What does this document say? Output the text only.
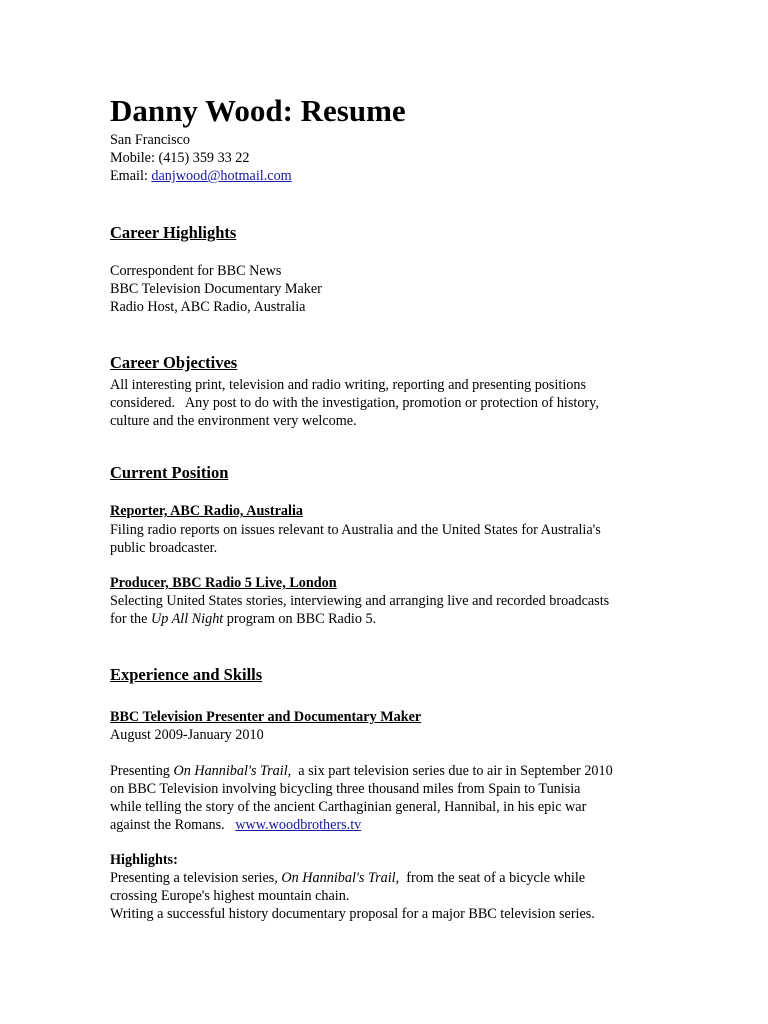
Danny Wood: Resume
San Francisco
Mobile: (415) 359 33 22
Email: danjwood@hotmail.com
Career Highlights
Correspondent for BBC News
BBC Television Documentary Maker
Radio Host, ABC Radio, Australia
Career Objectives
All interesting print, television and radio writing, reporting and presenting positions
considered.   Any post to do with the investigation, promotion or protection of history,
culture and the environment very welcome.
Current Position
Reporter, ABC Radio, Australia
Filing radio reports on issues relevant to Australia and the United States for Australia's
public broadcaster.
Producer, BBC Radio 5 Live, London
Selecting United States stories, interviewing and arranging live and recorded broadcasts
for the Up All Night program on BBC Radio 5.
Experience and Skills
BBC Television Presenter and Documentary Maker
August 2009-January 2010
Presenting On Hannibal's Trail,  a six part television series due to air in September 2010
on BBC Television involving bicycling three thousand miles from Spain to Tunisia
while telling the story of the ancient Carthaginian general, Hannibal, in his epic war
against the Romans.   www.woodbrothers.tv
Highlights:
Presenting a television series, On Hannibal's Trail,  from the seat of a bicycle while
crossing Europe's highest mountain chain.
Writing a successful history documentary proposal for a major BBC television series.
